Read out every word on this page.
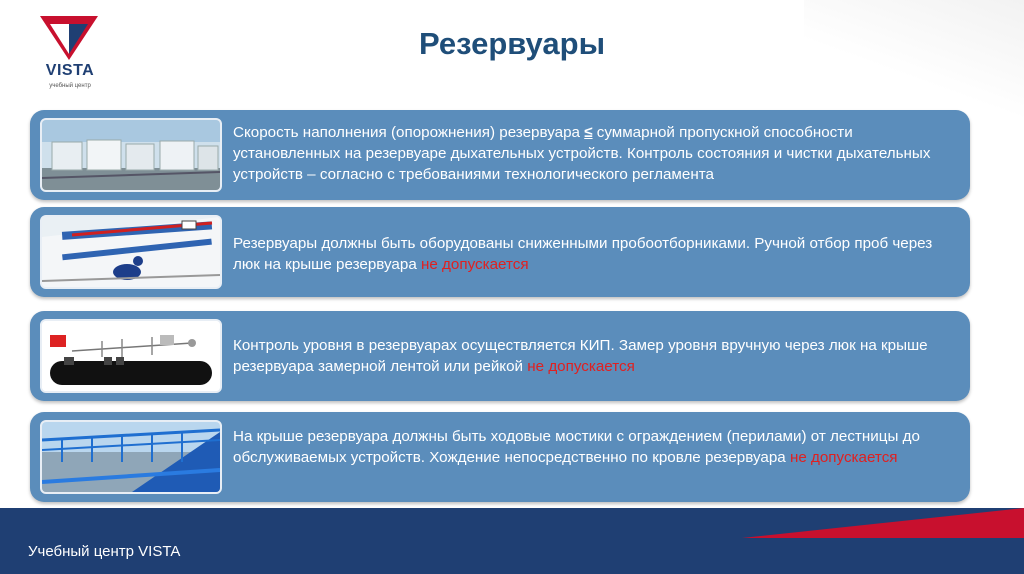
VISTA
учебный центр
Резервуары
Скорость наполнения (опорожнения) резервуара ≤ суммарной пропускной способности установленных на резервуаре дыхательных устройств. Контроль состояния и чистки дыхательных устройств – согласно с требованиями технологического регламента
Резервуары должны быть оборудованы сниженными пробоотборниками. Ручной отбор проб через люк на крыше резервуара не допускается
Контроль уровня в резервуарах осуществляется КИП. Замер уровня вручную через люк на крыше резервуара замерной лентой или рейкой не допускается
На крыше резервуара должны быть ходовые мостики с ограждением (перилами) от лестницы до обслуживаемых устройств. Хождение непосредственно по кровле резервуара не допускается
Учебный центр VISTA
